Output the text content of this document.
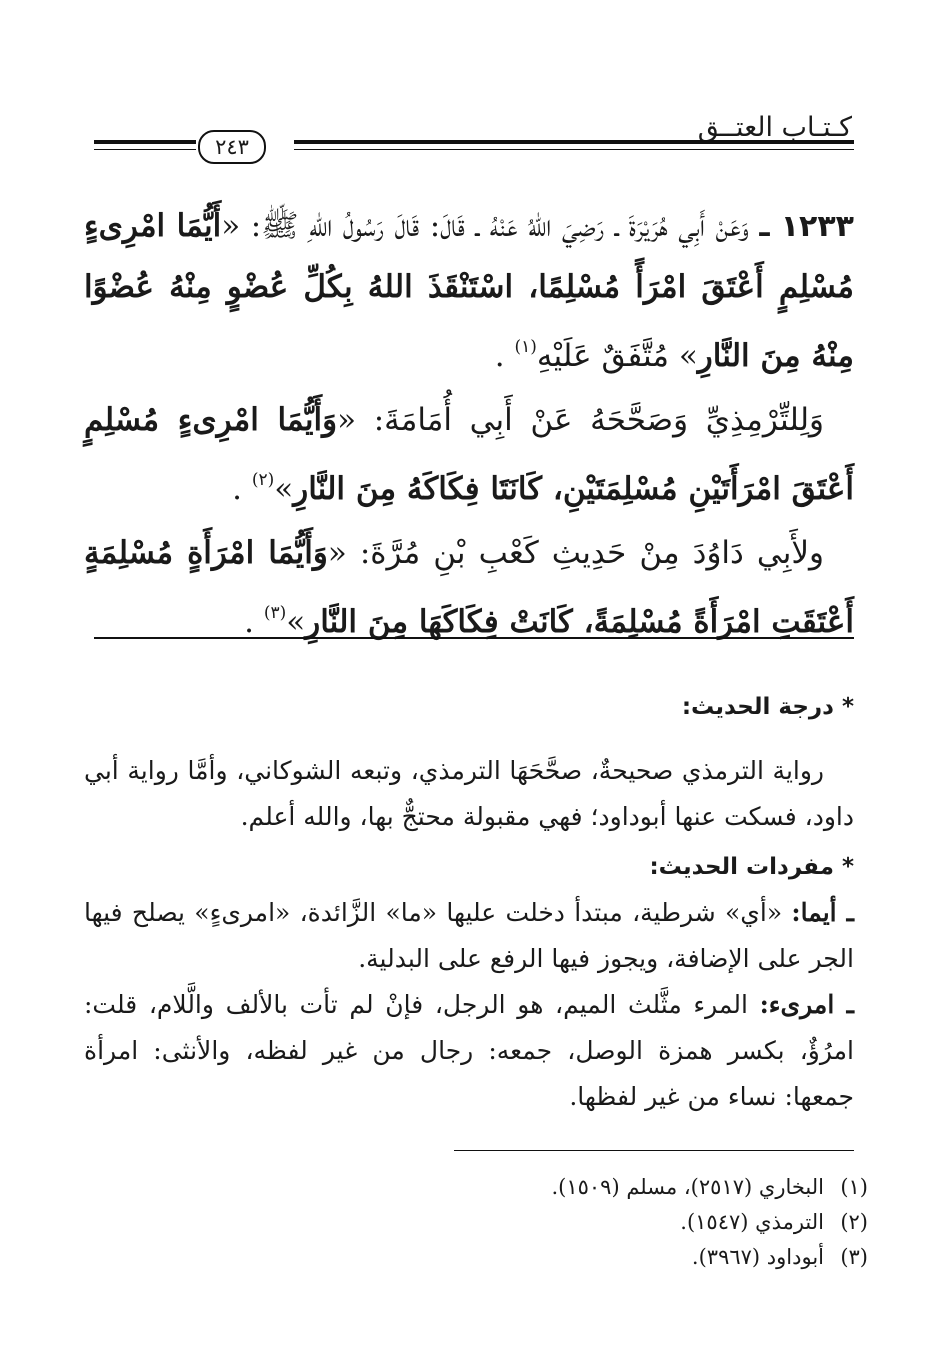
كـتـاب العتــق
٢٤٣

١٢٣٣ ـ وَعَنْ أَبِي هُرَيْرَةَ ـ رَضِيَ اللهُ عَنْهُ ـ قَالَ: قَالَ رَسُولُ اللهِ ﷺ: «أَيُّمَا امْرِىءٍ مُسْلِمٍ أَعْتَقَ امْرَأً مُسْلِمًا، اسْتَنْقَذَ اللهُ بِكُلِّ عُضْوٍ مِنْهُ عُضْوًا مِنْهُ مِنَ النَّارِ» مُتَّفَقٌ عَلَيْهِ$^{(١)}$ .

وَلِلتِّرْمِذِيِّ وَصَحَّحَهُ عَنْ أَبِي أُمَامَةَ: «وَأَيُّمَا امْرِىءٍ مُسْلِمٍ أَعْتَقَ امْرَأَتَيْنِ مُسْلِمَتَيْنِ، كَانَتَا فِكَاكَهُ مِنَ النَّارِ»$^{(٢)}$ .

ولأَبِي دَاوُدَ مِنْ حَدِيثِ كَعْبِ بْنِ مُرَّةَ: «وَأَيُّمَا امْرَأَةٍ مُسْلِمَةٍ أَعْتَقَتِ امْرَأَةً مُسْلِمَةً، كَانَتْ فِكَاكَهَا مِنَ النَّارِ»$^{(٣)}$ .

* درجة الحديث:

رواية الترمذي صحيحةٌ، صحَّحَهَا الترمذي، وتبعه الشوكاني، وأمَّا رواية أبي داود، فسكت عنها أبوداود؛ فهي مقبولة محتجٌّ بها، والله أعلم.

* مفردات الحديث:

ـ أيما: «أي» شرطية، مبتدأ دخلت عليها «ما» الزَّائدة، «امرىءٍ» يصلح فيها الجر على الإضافة، ويجوز فيها الرفع على البدلية.

ـ امرىء: المرء مثَّلث الميم، هو الرجل، فإنْ لم تأت بالألف والَّلام، قلت: امرُؤٌ، بكسر همزة الوصل، جمعه: رجال من غير لفظه، والأنثى: امرأة جمعها: نساء من غير لفظها.

(١)البخاري (٢٥١٧)، مسلم (١٥٠٩).
(٢)الترمذي (١٥٤٧).
(٣)أبوداود (٣٩٦٧).
